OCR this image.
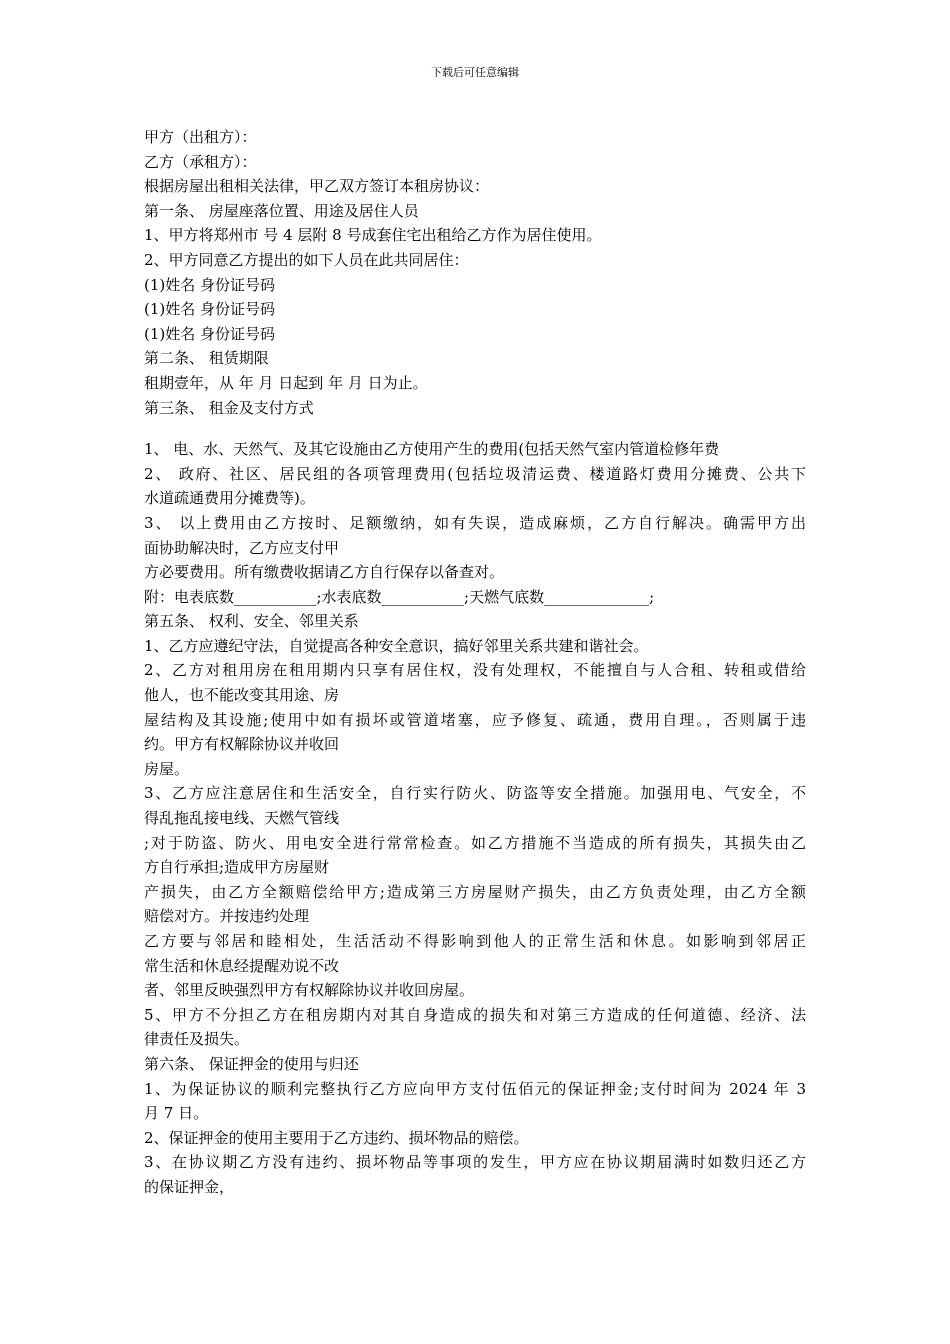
下载后可任意编辑
甲方（出租方）：
乙方（承租方）：
根据房屋出租相关法律，甲乙双方签订本租房协议：
第一条、 房屋座落位置、用途及居住人员
1、甲方将郑州市 号 4 层附 8 号成套住宅出租给乙方作为居住使用。
2、甲方同意乙方提出的如下人员在此共同居住：
(1)姓名 身份证号码
(1)姓名 身份证号码
(1)姓名 身份证号码
第二条、 租赁期限
租期壹年，从 年 月 日起到 年 月 日为止。
第三条、 租金及支付方式
1、 电、水、天然气、及其它设施由乙方使用产生的费用(包括天然气室内管道检修年费
2、 政府、社区、居民组的各项管理费用(包括垃圾清运费、楼道路灯费用分摊费、公共下
水道疏通费用分摊费等)。
3、 以上费用由乙方按时、足额缴纳，如有失误，造成麻烦，乙方自行解决。确需甲方出
面协助解决时，乙方应支付甲
方必要费用。所有缴费收据请乙方自行保存以备查对。
附：电表底数___________;水表底数___________;天燃气底数______________;
第五条、 权利、安全、邻里关系
1、乙方应遵纪守法，自觉提高各种安全意识，搞好邻里关系共建和谐社会。
2、乙方对租用房在租用期内只享有居住权，没有处理权，不能擅自与人合租、转租或借给
他人，也不能改变其用途、房
屋结构及其设施;使用中如有损坏或管道堵塞，应予修复、疏通，费用自理。，否则属于违
约。甲方有权解除协议并收回
房屋。
3、乙方应注意居住和生活安全，自行实行防火、防盗等安全措施。加强用电、气安全，不
得乱拖乱接电线、天燃气管线
;对于防盗、防火、用电安全进行常常检查。如乙方措施不当造成的所有损失，其损失由乙
方自行承担;造成甲方房屋财
产损失，由乙方全额赔偿给甲方;造成第三方房屋财产损失，由乙方负责处理，由乙方全额
赔偿对方。并按违约处理
乙方要与邻居和睦相处，生活活动不得影响到他人的正常生活和休息。如影响到邻居正
常生活和休息经提醒劝说不改
者、邻里反映强烈甲方有权解除协议并收回房屋。
5、甲方不分担乙方在租房期内对其自身造成的损失和对第三方造成的任何道德、经济、法
律责任及损失。
第六条、 保证押金的使用与归还
1、为保证协议的顺利完整执行乙方应向甲方支付伍佰元的保证押金;支付时间为 2024 年 3
月 7 日。
2、保证押金的使用主要用于乙方违约、损坏物品的赔偿。
3、在协议期乙方没有违约、损坏物品等事项的发生，甲方应在协议期届满时如数归还乙方
的保证押金，
